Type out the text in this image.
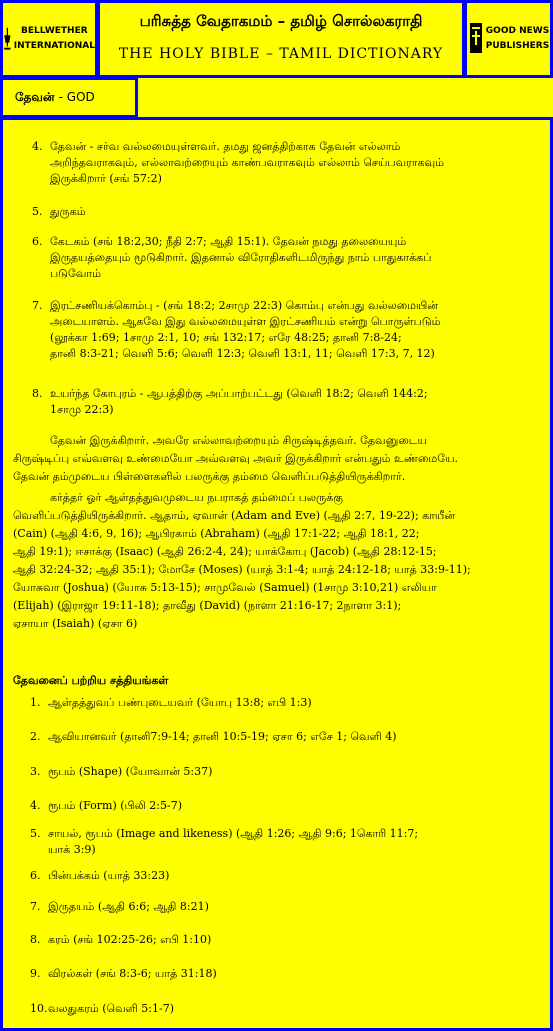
BELLWETHER
INTERNATIONAL
பரிசுத்த வேதாகமம் – தமிழ் சொல்லகராதி
THE HOLY BIBLE – TAMIL DICTIONARY
GOOD NEWS
PUBLISHERS
தேவன் - GOD
4. தேவன் - சர்வ வல்லமையுள்ளவர். தமது ஜனத்திற்காக தேவன் எல்லாம்
அறிந்தவராகவும், எல்லாவற்றையும் காண்பவராகவும் எல்லாம் செய்பவராகவும்
இருக்கிறார் (சங் 57:2)
5. துருகம்
6. கேடகம் (சங் 18:2,30; நீதி 2:7; ஆதி 15:1). தேவன் நமது தலையையும்
இருதயத்தையும் மூடுகிறார். இதனால் விரோதிகளிடமிருந்து நாம் பாதுகாக்கப்
படுவோம்
7. இரட்சணியக்கொம்பு - (சங் 18:2; 2சாமு 22:3) கொம்பு என்பது வல்லமையின்
அடையாளம். ஆகவே இது வல்லமையுள்ள இரட்சணியம் என்று பொருள்படும்
(லூக்கா 1:69; 1சாமு 2:1, 10; சங் 132:17; எரே 48:25; தானி 7:8-24;
தானி 8:3-21; வெளி 5:6; வெளி 12:3; வெளி 13:1, 11; வெளி 17:3, 7, 12)
8. உயர்ந்த கோபுரம் - ஆபத்திற்கு அப்பாற்பட்டது (வெளி 18:2; வெளி 144:2;
1சாமு 22:3)
தேவன் இருக்கிறார். அவரே எல்லாவற்றையும் சிருஷ்டித்தவர். தேவனுடைய
சிருஷ்டிப்பு எவ்வளவு உண்மையோ அவ்வளவு அவர் இருக்கிறார் என்பதும் உண்மையே.
தேவன் தம்முடைய பிள்ளைகளில் பலருக்கு தம்மை வெளிப்படுத்தியிருக்கிறார்.
கர்த்தர் ஓர் ஆள்தத்துவமுடைய நபராகத் தம்மைப் பலருக்கு
வெளிப்படுத்தியிருக்கிறார். ஆதாம், ஏவாள் (Adam and Eve) (ஆதி 2:7, 19-22); காயீன்
(Cain) (ஆதி 4:6, 9, 16); ஆபிரகாம் (Abraham) (ஆதி 17:1-22; ஆதி 18:1, 22;
ஆதி 19:1); ஈசாக்கு (Isaac) (ஆதி 26:2-4, 24); யாக்கோபு (Jacob) (ஆதி 28:12-15;
ஆதி 32:24-32; ஆதி 35:1); மோசே (Moses) (யாத் 3:1-4; யாத் 24:12-18; யாத் 33:9-11);
யோசுவா (Joshua) (யோசு 5:13-15); சாமுவேல் (Samuel) (1சாமு 3:10,21) எலியா
(Elijah) (இராஜா 19:11-18); தாவீது (David) (நாளா 21:16-17; 2நாளா 3:1);
ஏசாயா (Isaiah) (ஏசா 6)
தேவனைப் பற்றிய சத்தியங்கள்
1. ஆள்தத்துவப் பண்புடையவர் (யோபு 13:8; எபி 1:3)
2. ஆவியானவர் (தானி7:9-14; தானி 10:5-19; ஏசா 6; எசே 1; வெளி 4)
3. ரூபம் (Shape) (யோவான் 5:37)
4. ரூபம் (Form) (பிலி 2:5-7)
5. சாயல், ரூபம் (Image and likeness) (ஆதி 1:26; ஆதி 9:6; 1கொரி 11:7;
யாக் 3:9)
6. பின்பக்கம் (யாத் 33:23)
7. இருதயம் (ஆதி 6:6; ஆதி 8:21)
8. கரம் (சங் 102:25-26; எபி 1:10)
9. விரல்கள் (சங் 8:3-6; யாத் 31:18)
10. வலதுகரம் (வெளி 5:1-7)
